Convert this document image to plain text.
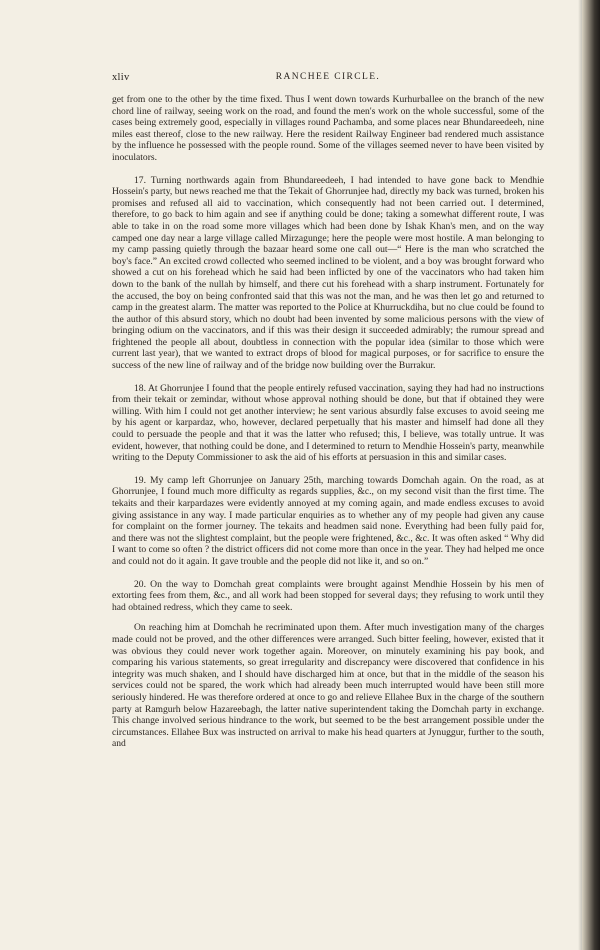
xliv	RANCHEE CIRCLE.

get from one to the other by the time fixed. Thus I went down towards Kurhurballee on the branch of the new chord line of railway, seeing work on the road, and found the men's work on the whole successful, some of the cases being extremely good, especially in villages round Pachamba, and some places near Bhundareedeeh, nine miles east thereof, close to the new railway. Here the resident Railway Engineer bad rendered much assistance by the influence he possessed with the people round. Some of the villages seemed never to have been visited by inoculators.

17. Turning northwards again from Bhundareedeeh, I had intended to have gone back to Mendhie Hossein's party, but news reached me that the Tekait of Ghorrunjee had, directly my back was turned, broken his promises and refused all aid to vaccination, which consequently had not been carried out. I determined, therefore, to go back to him again and see if anything could be done; taking a somewhat different route, I was able to take in on the road some more villages which had been done by Ishak Khan's men, and on the way camped one day near a large village called Mirzagunge; here the people were most hostile. A man belonging to my camp passing quietly through the bazaar heard some one call out—“ Here is the man who scratched the boy's face.” An excited crowd collected who seemed inclined to be violent, and a boy was brought forward who showed a cut on his forehead which he said had been inflicted by one of the vaccinators who had taken him down to the bank of the nullah by himself, and there cut his forehead with a sharp instrument. Fortunately for the accused, the boy on being confronted said that this was not the man, and he was then let go and returned to camp in the greatest alarm. The matter was reported to the Police at Khurruckdiha, but no clue could be found to the author of this absurd story, which no doubt had been invented by some malicious persons with the view of bringing odium on the vaccinators, and if this was their design it succeeded admirably; the rumour spread and frightened the people all about, doubtless in connection with the popular idea (similar to those which were current last year), that we wanted to extract drops of blood for magical purposes, or for sacrifice to ensure the success of the new line of railway and of the bridge now building over the Burrakur.

18. At Ghorrunjee I found that the people entirely refused vaccination, saying they had had no instructions from their tekait or zemindar, without whose approval nothing should be done, but that if obtained they were willing. With him I could not get another interview; he sent various absurdly false excuses to avoid seeing me by his agent or karpardaz, who, however, declared perpetually that his master and himself had done all they could to persuade the people and that it was the latter who refused; this, I believe, was totally untrue. It was evident, however, that nothing could be done, and I determined to return to Mendhie Hossein's party, meanwhile writing to the Deputy Commissioner to ask the aid of his efforts at persuasion in this and similar cases.

19. My camp left Ghorrunjee on January 25th, marching towards Domchah again. On the road, as at Ghorrunjee, I found much more difficulty as regards supplies, &c., on my second visit than the first time. The tekaits and their karpardazes were evidently annoyed at my coming again, and made endless excuses to avoid giving assistance in any way. I made particular enquiries as to whether any of my people had given any cause for complaint on the former journey. The tekaits and headmen said none. Everything had been fully paid for, and there was not the slightest complaint, but the people were frightened, &c., &c. It was often asked “ Why did I want to come so often ? the district officers did not come more than once in the year. They had helped me once and could not do it again. It gave trouble and the people did not like it, and so on.”

20. On the way to Domchah great complaints were brought against Mendhie Hossein by his men of extorting fees from them, &c., and all work had been stopped for several days; they refusing to work until they had obtained redress, which they came to seek.

On reaching him at Domchah he recriminated upon them. After much investigation many of the charges made could not be proved, and the other differences were arranged. Such bitter feeling, however, existed that it was obvious they could never work together again. Moreover, on minutely examining his pay book, and comparing his various statements, so great irregularity and discrepancy were discovered that confidence in his integrity was much shaken, and I should have discharged him at once, but that in the middle of the season his services could not be spared, the work which had already been much interrupted would have been still more seriously hindered. He was therefore ordered at once to go and relieve Ellahee Bux in the charge of the southern party at Ramgurh below Hazareebagh, the latter native superintendent taking the Domchah party in exchange. This change involved serious hindrance to the work, but seemed to be the best arrangement possible under the circumstances. Ellahee Bux was instructed on arrival to make his head quarters at Jynuggur, further to the south, and
